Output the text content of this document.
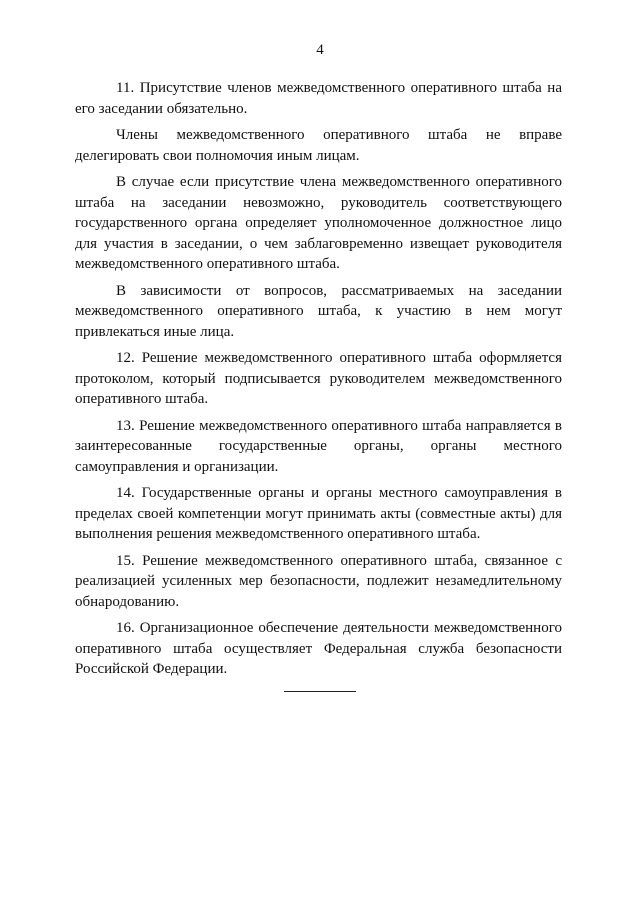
4

11. Присутствие членов межведомственного оперативного штаба на его заседании обязательно.

Члены межведомственного оперативного штаба не вправе делегировать свои полномочия иным лицам.

В случае если присутствие члена межведомственного оперативного штаба на заседании невозможно, руководитель соответствующего государственного органа определяет уполномоченное должностное лицо для участия в заседании, о чем заблаговременно извещает руководителя межведомственного оперативного штаба.

В зависимости от вопросов, рассматриваемых на заседании межведомственного оперативного штаба, к участию в нем могут привлекаться иные лица.

12. Решение межведомственного оперативного штаба оформляется протоколом, который подписывается руководителем межведомственного оперативного штаба.

13. Решение межведомственного оперативного штаба направляется в заинтересованные государственные органы, органы местного самоуправления и организации.

14. Государственные органы и органы местного самоуправления в пределах своей компетенции могут принимать акты (совместные акты) для выполнения решения межведомственного оперативного штаба.

15. Решение межведомственного оперативного штаба, связанное с реализацией усиленных мер безопасности, подлежит незамедлительному обнародованию.

16. Организационное обеспечение деятельности межведомственного оперативного штаба осуществляет Федеральная служба безопасности Российской Федерации.
